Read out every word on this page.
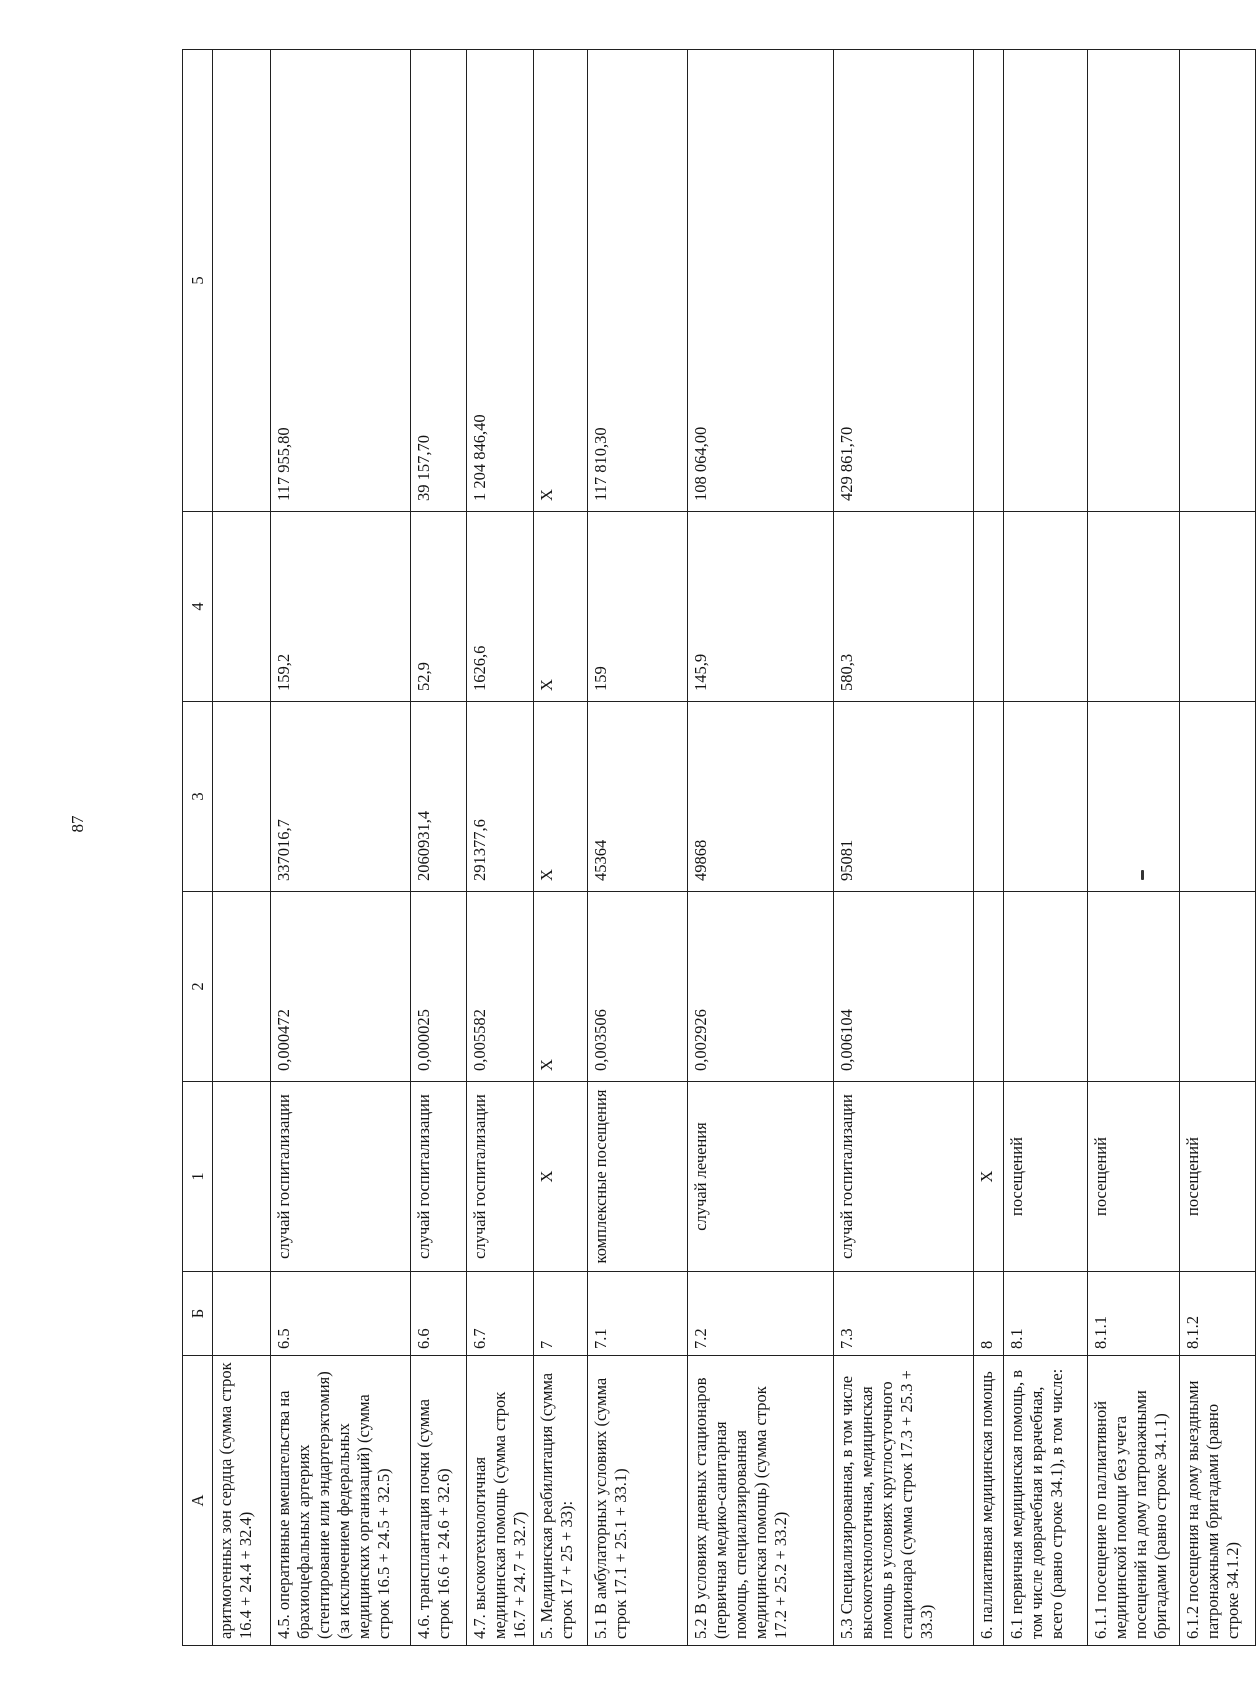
87
А	Б	1	2	3	4	5
аритмогенных зон сердца (сумма строк 16.4 + 24.4 + 32.4)						
4.5. оперативные вмешательства на брахиоцефальных артериях (стентирование или эндартерэктомия) (за исключением федеральных медицинских организаций) (сумма строк 16.5 + 24.5 + 32.5)	6.5	случай госпитализации	0,000472	337016,7	159,2	117 955,80
4.6. трансплантация почки (сумма строк 16.6 + 24.6 + 32.6)	6.6	случай госпитализации	0,000025	2060931,4	52,9	39 157,70
4.7. высокотехнологичная медицинская помощь (сумма строк 16.7 + 24.7 + 32.7)	6.7	случай госпитализации	0,005582	291377,6	1626,6	1 204 846,40
5. Медицинская реабилитация (сумма строк 17 + 25 + 33):	7	Х	Х	Х	Х	Х
5.1 В амбулаторных условиях (сумма строк 17.1 + 25.1 + 33.1)	7.1	комплексные посещения	0,003506	45364	159	117 810,30
5.2 В условиях дневных стационаров (первичная медико-санитарная помощь, специализированная медицинская помощь) (сумма строк 17.2 + 25.2 + 33.2)	7.2	случай лечения	0,002926	49868	145,9	108 064,00
5.3 Специализированная, в том числе высокотехнологичная, медицинская помощь в условиях круглосуточного стационара (сумма строк 17.3 + 25.3 + 33.3)	7.3	случай госпитализации	0,006104	95081	580,3	429 861,70
6. паллиативная медицинская помощь	8	Х				
6.1 первичная медицинская помощь, в том числе доврачебная и врачебная, всего (равно строке 34.1), в том числе:	8.1	посещений				
6.1.1 посещение по паллиативной медицинской помощи без учета посещений на дому патронажными бригадами (равно строке 34.1.1)	8.1.1	посещений				
6.1.2 посещения на дому выездными патронажными бригадами (равно строке 34.1.2)	8.1.2	посещений				
